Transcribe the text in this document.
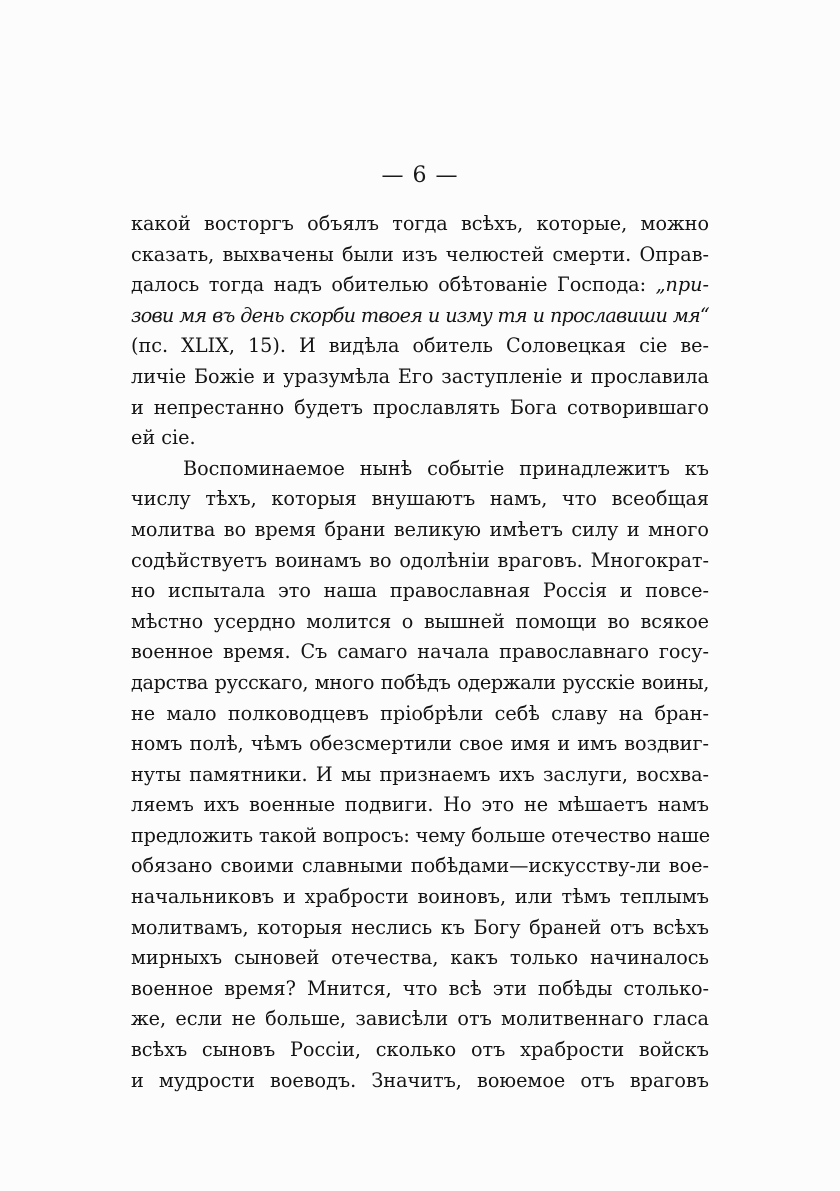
— 6 —
какой восторгъ объялъ тогда всѣхъ, которые, можно
сказать, выхвачены были изъ челюстей смерти. Оправ-
далось тогда надъ обителью обѣтованіе Господа: „при-
зови мя въ день скорби твоея и измy тя и прославиши мя“
(пс. XLIX, 15). И видѣла обитель Соловецкая сіе ве-
личіе Божіе и уразумѣла Его заступленіе и прославила
и непрестанно будетъ прославлять Бога сотворившаго
ей сіе.
Воспоминаемое нынѣ событіе принадлежитъ къ
числу тѣхъ, которыя внушаютъ намъ, что всеобщая
молитва во время брани великую имѣетъ силу и много
содѣйствуетъ воинамъ во одолѣніи враговъ. Многократ-
но испытала это наша православная Россія и повсе-
мѣстно усердно молится о вышней помощи во всякое
военное время. Съ самаго начала православнаго госу-
дарства русскаго, много побѣдъ одержали русскіе воины,
не мало полководцевъ пріобрѣли себѣ славу на бран-
номъ полѣ, чѣмъ обезсмертили свое имя и имъ воздвиг-
нуты памятники. И мы признаемъ ихъ заслуги, восхва-
ляемъ ихъ военные подвиги. Но это не мѣшаетъ намъ
предложить такой вопросъ: чему больше отечество наше
обязано своими славными побѣдами—искусству-ли вое-
начальниковъ и храбрости воиновъ, или тѣмъ теплымъ
молитвамъ, которыя неслись къ Богу браней отъ всѣхъ
мирныхъ сыновей отечества, какъ только начиналось
военное время? Мнится, что всѣ эти побѣды столько-
же, если не больше, зависѣли отъ молитвеннаго гласа
всѣхъ сыновъ Россіи, сколько отъ храбрости войскъ
и мудрости воеводъ. Значитъ, воюемое отъ враговъ
